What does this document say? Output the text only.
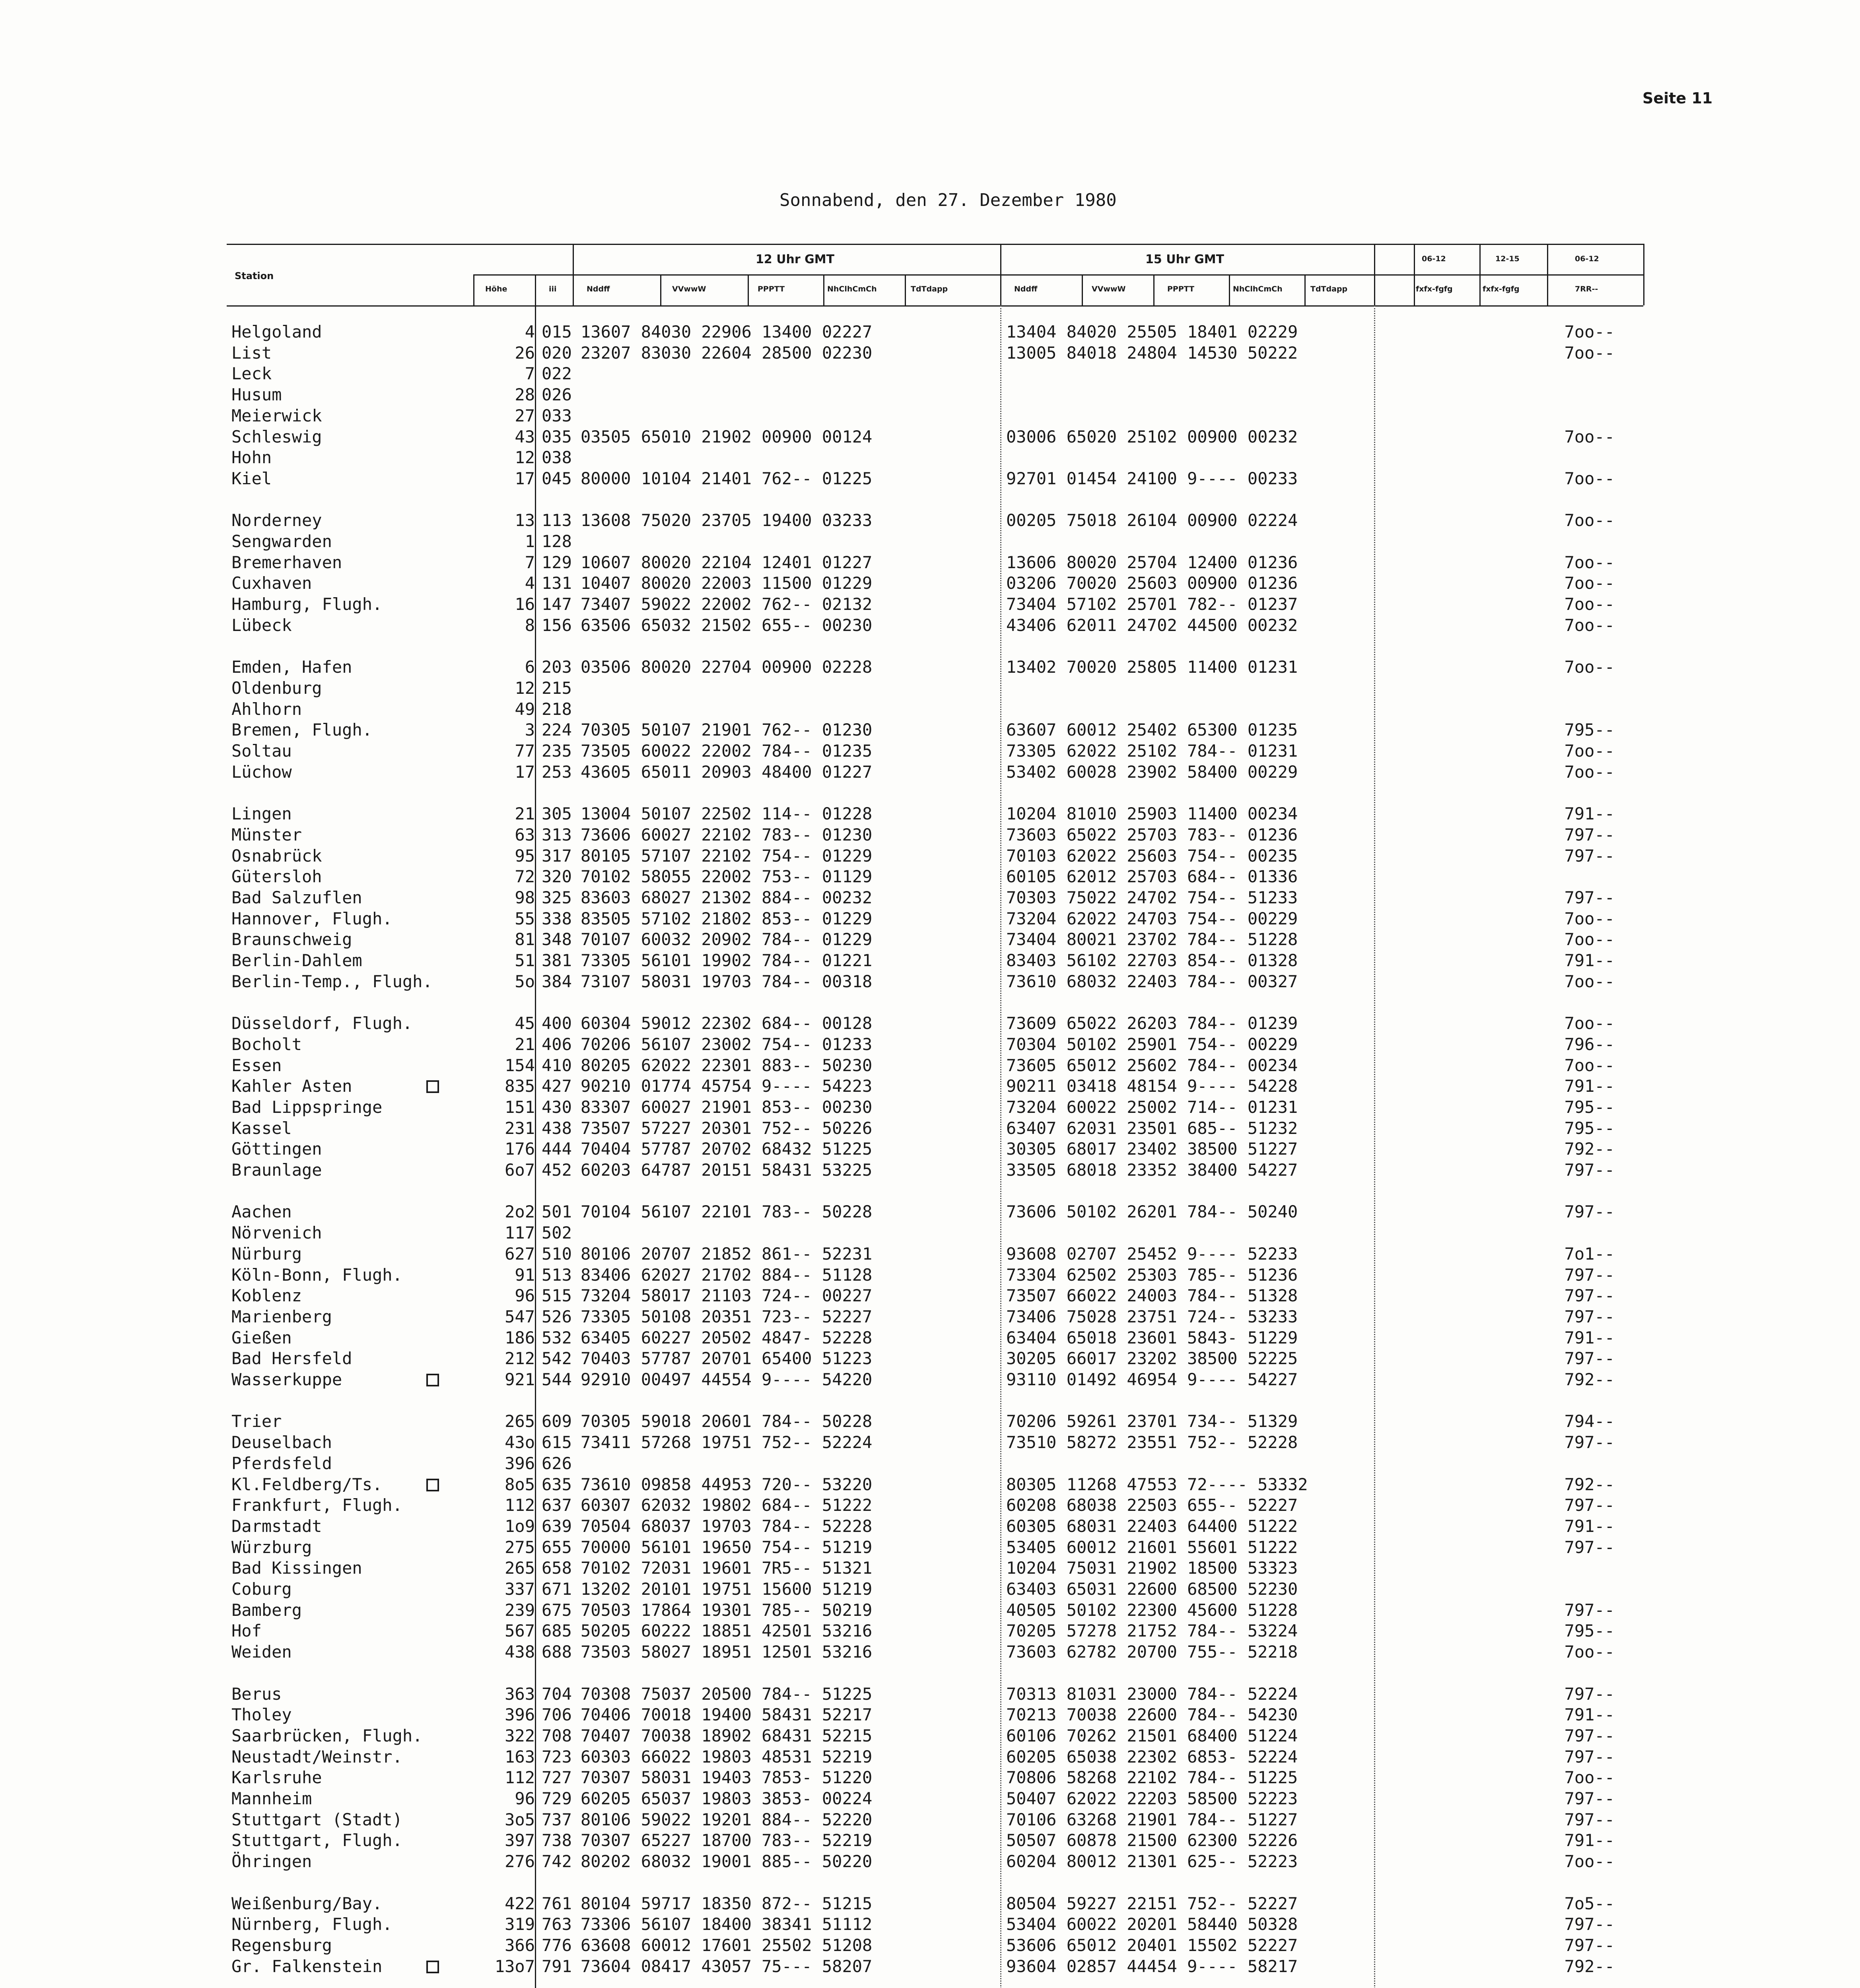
Seite 11
Sonnabend, den 27. Dezember 1980
Station
Höhe	iii
12 Uhr GMT	15 Uhr GMT	06-12	12-15	06-12
Nddff	VVwwW	PPPTT	NhClhCmCh	TdTdapp	Nddff	VVwwW	PPPTT	NhClhCmCh	TdTdapp	fxfx-fgfg	fxfx-fgfg	7RR--
Helgoland	4 015 13607 84030 22906 13400 02227	13404 84020 25505 18401 02229	7oo--
List	26 020 23207 83030 22604 28500 02230	13005 84018 24804 14530 50222	7oo--
Leck	7 022
Husum	28 026
Meierwick	27 033
Schleswig	43 035 03505 65010 21902 00900 00124	03006 65020 25102 00900 00232	7oo--
Hohn	12 038
Kiel	17 045 80000 10104 21401 762-- 01225	92701 01454 24100 9---- 00233	7oo--
Norderney	13 113 13608 75020 23705 19400 03233	00205 75018 26104 00900 02224	7oo--
Sengwarden	1 128
Bremerhaven	7 129 10607 80020 22104 12401 01227	13606 80020 25704 12400 01236	7oo--
Cuxhaven	4 131 10407 80020 22003 11500 01229	03206 70020 25603 00900 01236	7oo--
Hamburg, Flugh.	16 147 73407 59022 22002 762-- 02132	73404 57102 25701 782-- 01237	7oo--
Lübeck	8 156 63506 65032 21502 655-- 00230	43406 62011 24702 44500 00232	7oo--
Emden, Hafen	6 203 03506 80020 22704 00900 02228	13402 70020 25805 11400 01231	7oo--
Oldenburg	12 215
Ahlhorn	49 218
Bremen, Flugh.	3 224 70305 50107 21901 762-- 01230	63607 60012 25402 65300 01235	795--
Soltau	77 235 73505 60022 22002 784-- 01235	73305 62022 25102 784-- 01231	7oo--
Lüchow	17 253 43605 65011 20903 48400 01227	53402 60028 23902 58400 00229	7oo--
Lingen	21 305 13004 50107 22502 114-- 01228	10204 81010 25903 11400 00234	791--
Münster	63 313 73606 60027 22102 783-- 01230	73603 65022 25703 783-- 01236	797--
Osnabrück	95 317 80105 57107 22102 754-- 01229	70103 62022 25603 754-- 00235	797--
Gütersloh	72 320 70102 58055 22002 753-- 01129	60105 62012 25703 684-- 01336
Bad Salzuflen	98 325 83603 68027 21302 884-- 00232	70303 75022 24702 754-- 51233	797--
Hannover, Flugh.	55 338 83505 57102 21802 853-- 01229	73204 62022 24703 754-- 00229	7oo--
Braunschweig	81 348 70107 60032 20902 784-- 01229	73404 80021 23702 784-- 51228	7oo--
Berlin-Dahlem	51 381 73305 56101 19902 784-- 01221	83403 56102 22703 854-- 01328	791--
Berlin-Temp., Flugh.	5o 384 73107 58031 19703 784-- 00318	73610 68032 22403 784-- 00327	7oo--
Düsseldorf, Flugh.	45 400 60304 59012 22302 684-- 00128	73609 65022 26203 784-- 01239	7oo--
Bocholt	21 406 70206 56107 23002 754-- 01233	70304 50102 25901 754-- 00229	796--
Essen	154 410 80205 62022 22301 883-- 50230	73605 65012 25602 784-- 00234	7oo--
Kahler Asten	835 427 90210 01774 45754 9---- 54223	90211 03418 48154 9---- 54228	791--
Bad Lippspringe	151 430 83307 60027 21901 853-- 00230	73204 60022 25002 714-- 01231	795--
Kassel	231 438 73507 57227 20301 752-- 50226	63407 62031 23501 685-- 51232	795--
Göttingen	176 444 70404 57787 20702 68432 51225	30305 68017 23402 38500 51227	792--
Braunlage	6o7 452 60203 64787 20151 58431 53225	33505 68018 23352 38400 54227	797--
Aachen	2o2 501 70104 56107 22101 783-- 50228	73606 50102 26201 784-- 50240	797--
Nörvenich	117 502
Nürburg	627 510 80106 20707 21852 861-- 52231	93608 02707 25452 9---- 52233	7o1--
Köln-Bonn, Flugh.	91 513 83406 62027 21702 884-- 51128	73304 62502 25303 785-- 51236	797--
Koblenz	96 515 73204 58017 21103 724-- 00227	73507 66022 24003 784-- 51328	797--
Marienberg	547 526 73305 50108 20351 723-- 52227	73406 75028 23751 724-- 53233	797--
Gießen	186 532 63405 60227 20502 4847- 52228	63404 65018 23601 5843- 51229	791--
Bad Hersfeld	212 542 70403 57787 20701 65400 51223	30205 66017 23202 38500 52225	797--
Wasserkuppe	921 544 92910 00497 44554 9---- 54220	93110 01492 46954 9---- 54227	792--
Trier	265 609 70305 59018 20601 784-- 50228	70206 59261 23701 734-- 51329	794--
Deuselbach	43o 615 73411 57268 19751 752-- 52224	73510 58272 23551 752-- 52228	797--
Pferdsfeld	396 626
Kl.Feldberg/Ts.	8o5 635 73610 09858 44953 720-- 53220	80305 11268 47553 72---- 53332	792--
Frankfurt, Flugh.	112 637 60307 62032 19802 684-- 51222	60208 68038 22503 655-- 52227	797--
Darmstadt	1o9 639 70504 68037 19703 784-- 52228	60305 68031 22403 64400 51222	791--
Würzburg	275 655 70000 56101 19650 754-- 51219	53405 60012 21601 55601 51222	797--
Bad Kissingen	265 658 70102 72031 19601 7R5-- 51321	10204 75031 21902 18500 53323
Coburg	337 671 13202 20101 19751 15600 51219	63403 65031 22600 68500 52230
Bamberg	239 675 70503 17864 19301 785-- 50219	40505 50102 22300 45600 51228	797--
Hof	567 685 50205 60222 18851 42501 53216	70205 57278 21752 784-- 53224	795--
Weiden	438 688 73503 58027 18951 12501 53216	73603 62782 20700 755-- 52218	7oo--
Berus	363 704 70308 75037 20500 784-- 51225	70313 81031 23000 784-- 52224	797--
Tholey	396 706 70406 70018 19400 58431 52217	70213 70038 22600 784-- 54230	791--
Saarbrücken, Flugh.	322 708 70407 70038 18902 68431 52215	60106 70262 21501 68400 51224	797--
Neustadt/Weinstr.	163 723 60303 66022 19803 48531 52219	60205 65038 22302 6853- 52224	797--
Karlsruhe	112 727 70307 58031 19403 7853- 51220	70806 58268 22102 784-- 51225	7oo--
Mannheim	96 729 60205 65037 19803 3853- 00224	50407 62022 22203 58500 52223	797--
Stuttgart (Stadt)	3o5 737 80106 59022 19201 884-- 52220	70106 63268 21901 784-- 51227	797--
Stuttgart, Flugh.	397 738 70307 65227 18700 783-- 52219	50507 60878 21500 62300 52226	791--
Öhringen	276 742 80202 68032 19001 885-- 50220	60204 80012 21301 625-- 52223	7oo--
Weißenburg/Bay.	422 761 80104 59717 18350 872-- 51215	80504 59227 22151 752-- 52227	7o5--
Nürnberg, Flugh.	319 763 73306 56107 18400 38341 51112	53404 60022 20201 58440 50328	797--
Regensburg	366 776 63608 60012 17601 25502 51208	53606 65012 20401 15502 52227	797--
Gr. Falkenstein	13o7 791 73604 08417 43057 75--- 58207	93604 02857 44454 9---- 58217	792--
